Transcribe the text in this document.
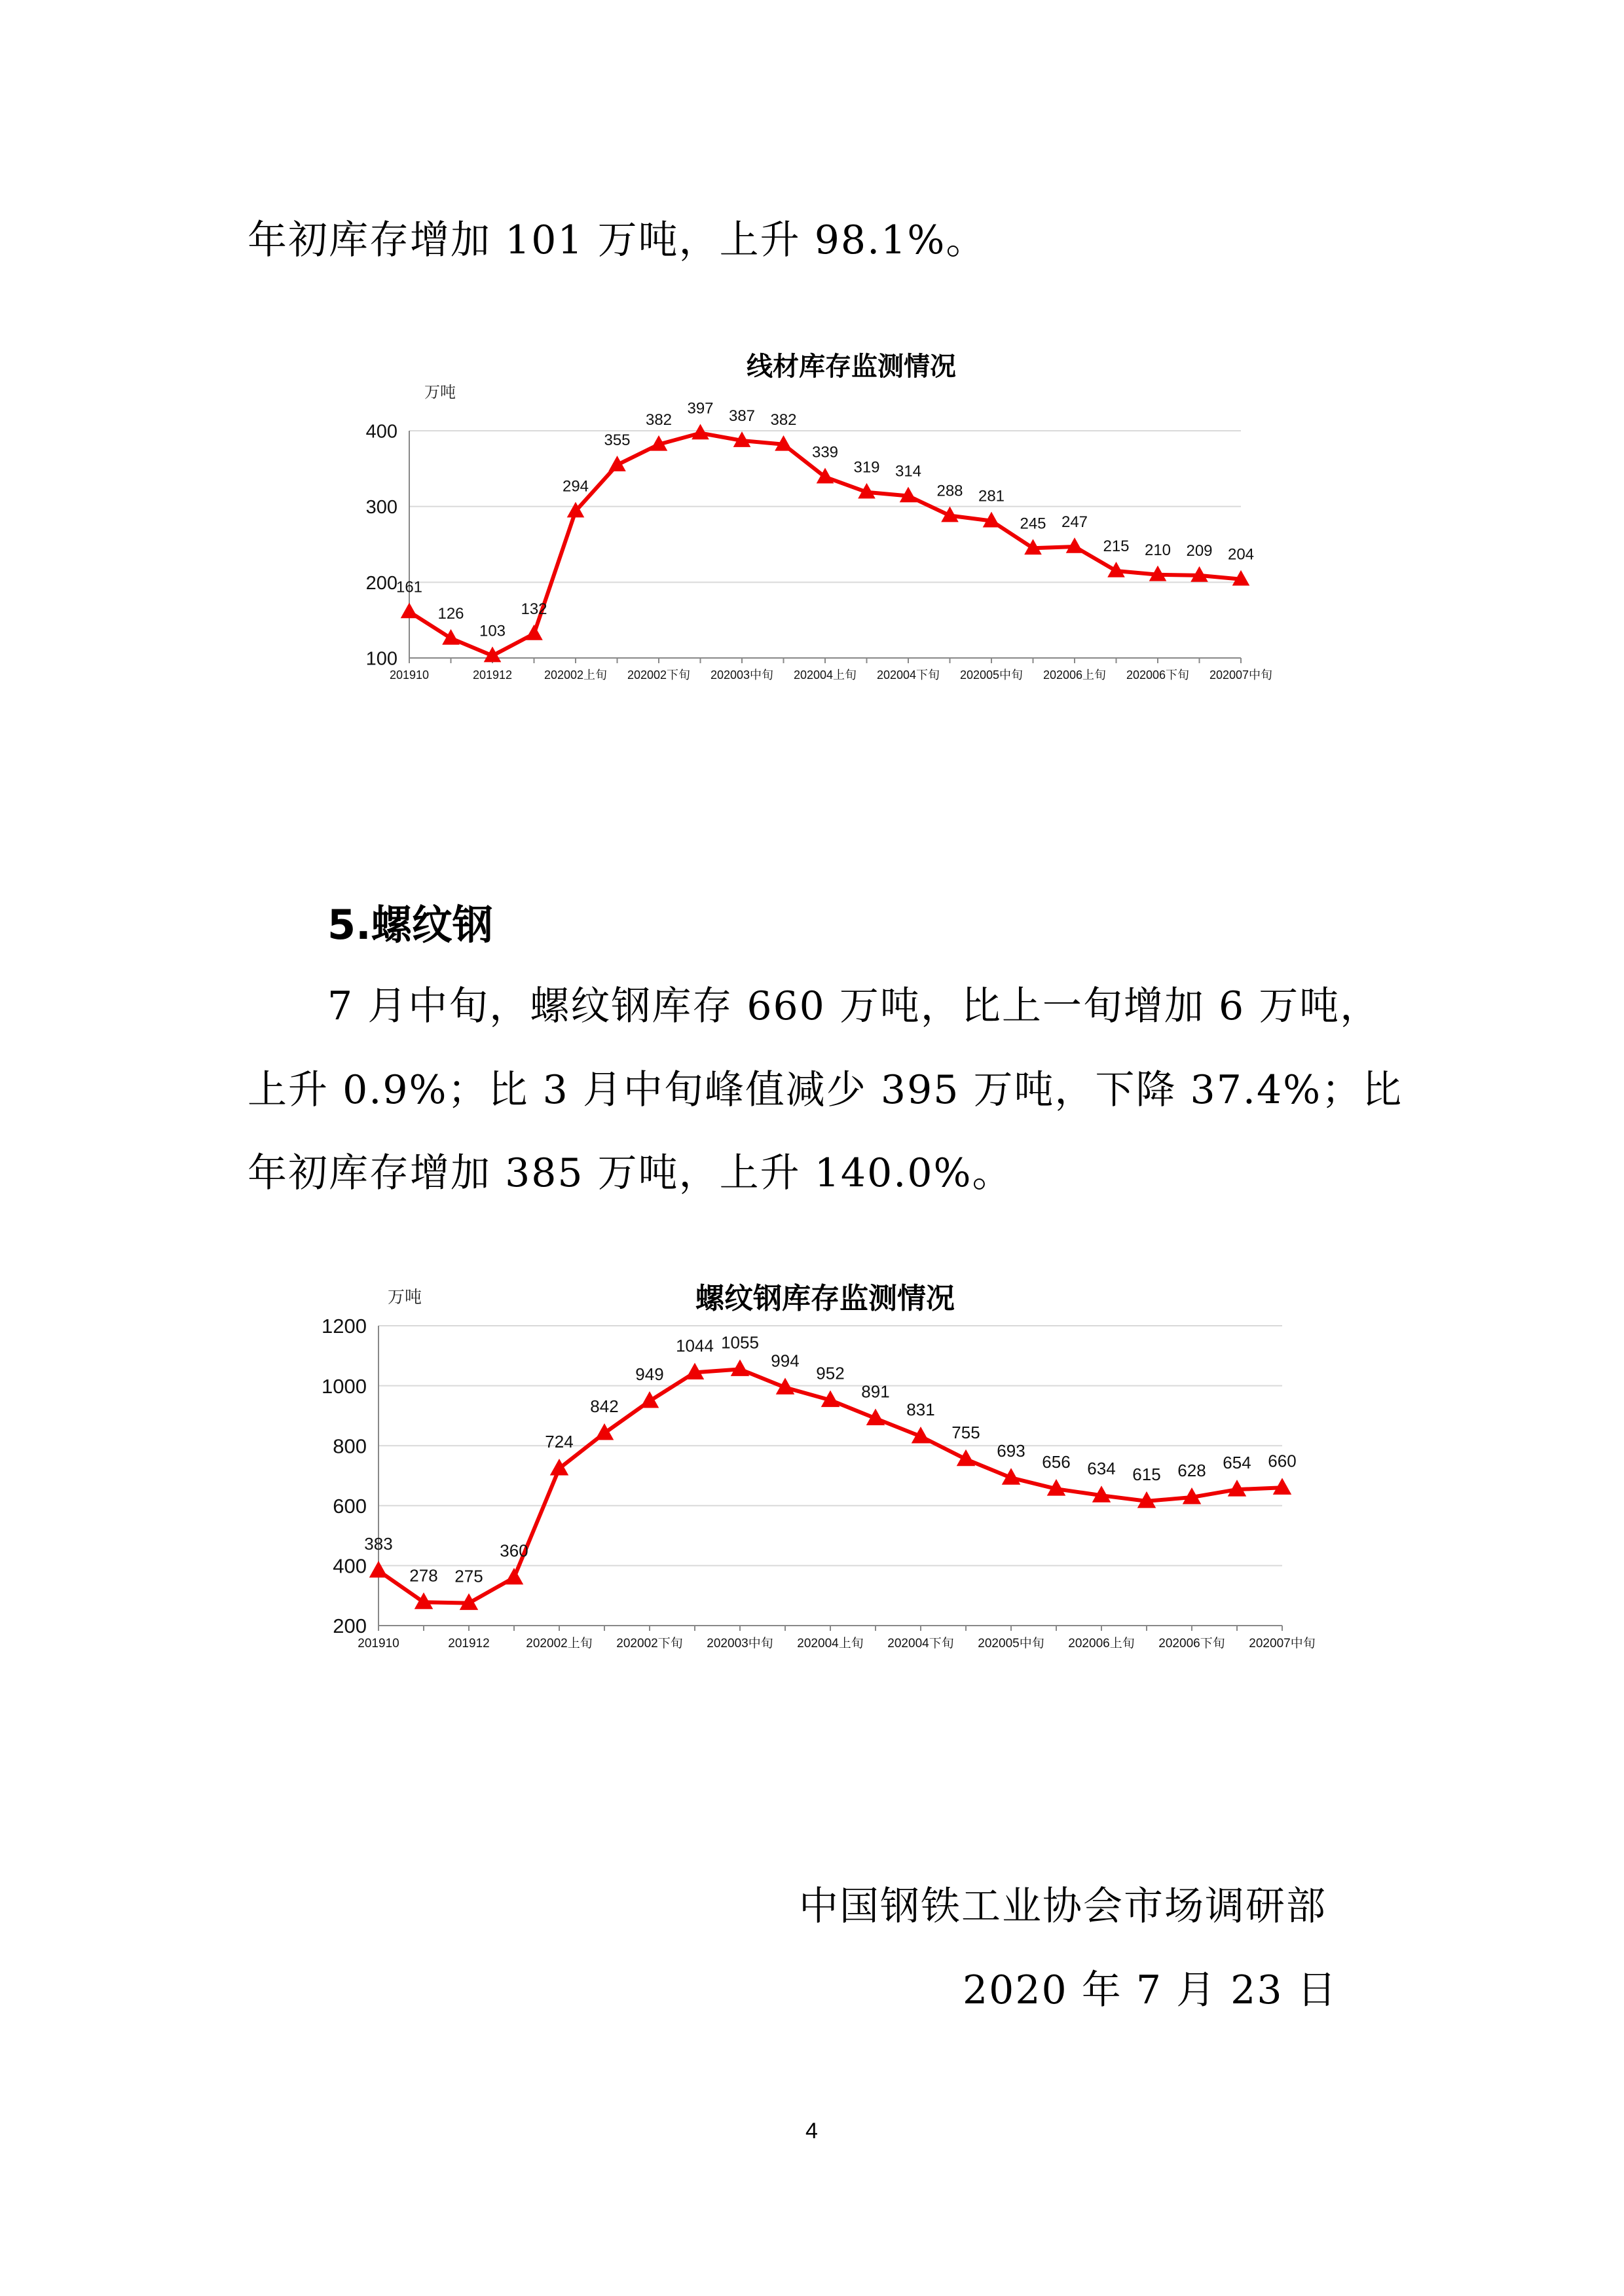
年初库存增加 101 万吨，上升 98.1%。
线材库存监测情况
万吨
100
200
300
400
201910	201912	202002上旬 202002下旬 202003中旬 202004上旬 202004下旬 202005中旬 202006上旬 202006下旬 202007中旬
161
126
103
132
294
355
382
397 387 382
339
319 314
288 281
245 247
215 210 209 204
5.螺纹钢
7 月中旬，螺纹钢库存 660 万吨，比上一旬增加 6 万吨，
上升 0.9%；比 3 月中旬峰值减少 395 万吨，下降 37.4%；比
年初库存增加 385 万吨，上升 140.0%。
螺纹钢库存监测情况
万吨
200
400
600
800
1000
1200
201910	201912	202002上旬 202002下旬 202003中旬 202004上旬 202004下旬 202005中旬 202006上旬 202006下旬 202007中旬
383
278 275
360
724
842
949
1044 1055
994
952
891
831
755
693
656 634 615 628 654 660
中国钢铁工业协会市场调研部
2020 年 7 月 23 日
4
